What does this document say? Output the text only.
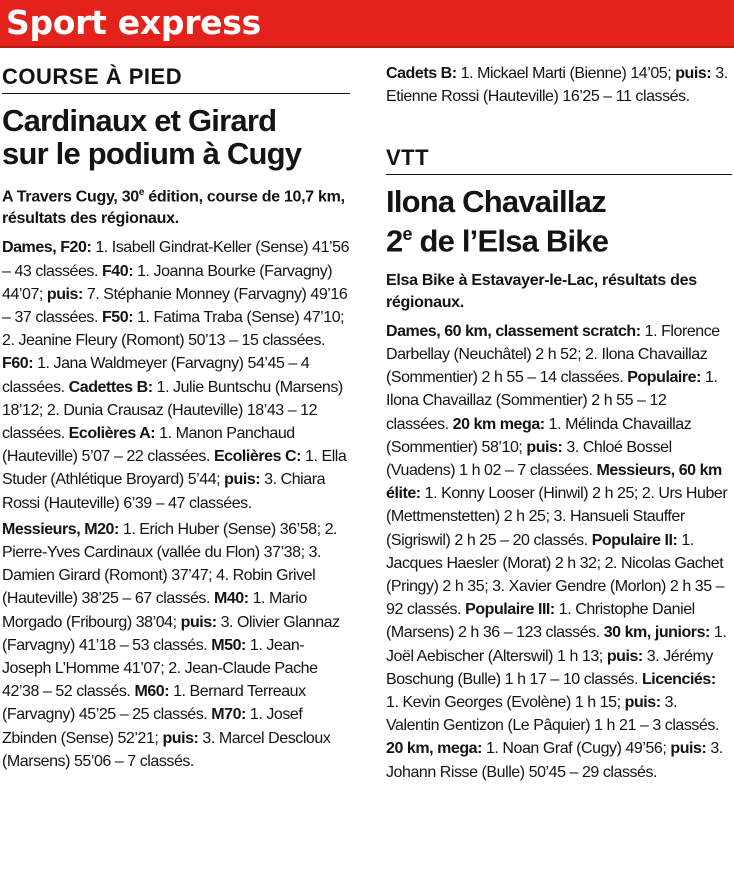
Sport express
COURSE À PIED
Cardinaux et Girard
sur le podium à Cugy

A Travers Cugy, 30e édition, course de 10,7 km, résultats des régionaux.

Dames, F20: 1. Isabell Gindrat-Keller (Sense) 41’56 – 43 classées. F40: 1. Joanna Bourke (Farvagny) 44’07; puis: 7. Stéphanie Monney (Farvagny) 49’16 – 37 classées. F50: 1. Fatima Traba (Sense) 47’10; 2. Jeanine Fleury (Romont) 50’13 – 15 classées. F60: 1. Jana Waldmeyer (Farvagny) 54’45 – 4 classées. Cadettes B: 1. Julie Buntschu (Marsens) 18’12; 2. Dunia Crausaz (Hauteville) 18’43 – 12 classées. Ecolières A: 1. Manon Panchaud (Hauteville) 5’07 – 22 classées. Ecolières C: 1. Ella Studer (Athlétique Broyard) 5’44; puis: 3. Chiara Rossi (Hauteville) 6’39 – 47 classées.

Messieurs, M20: 1. Erich Huber (Sense) 36’58; 2. Pierre-Yves Cardinaux (vallée du Flon) 37’38; 3. Damien Girard (Romont) 37’47; 4. Robin Grivel (Hauteville) 38’25 – 67 classés. M40: 1. Mario Morgado (Fribourg) 38’04; puis: 3. Olivier Glannaz (Farvagny) 41’18 – 53 classés. M50: 1. Jean-Joseph L’Homme 41’07; 2. Jean-Claude Pache 42’38 – 52 classés. M60: 1. Bernard Terreaux (Farvagny) 45’25 – 25 classés. M70: 1. Josef Zbinden (Sense) 52’21; puis: 3. Marcel Descloux (Marsens) 55’06 – 7 classés.

Cadets B: 1. Mickael Marti (Bienne) 14’05; puis: 3. Etienne Rossi (Hauteville) 16’25 – 11 classés.

VTT
Ilona Chavaillaz
2e de l’Elsa Bike

Elsa Bike à Estavayer-le-Lac, résultats des régionaux.

Dames, 60 km, classement scratch: 1. Florence Darbellay (Neuchâtel) 2 h 52; 2. Ilona Chavaillaz (Sommentier) 2 h 55 – 14 classées. Populaire: 1. Ilona Chavaillaz (Sommentier) 2 h 55 – 12 classées. 20 km mega: 1. Mélinda Chavaillaz (Sommentier) 58’10; puis: 3. Chloé Bossel (Vuadens) 1 h 02 – 7 classées. Messieurs, 60 km élite: 1. Konny Looser (Hinwil) 2 h 25; 2. Urs Huber (Mettmenstetten) 2 h 25; 3. Hansueli Stauffer (Sigriswil) 2 h 25 – 20 classés. Populaire II: 1. Jacques Haesler (Morat) 2 h 32; 2. Nicolas Gachet (Pringy) 2 h 35; 3. Xavier Gendre (Morlon) 2 h 35 – 92 classés. Populaire III: 1. Christophe Daniel (Marsens) 2 h 36 – 123 classés. 30 km, juniors: 1. Joël Aebischer (Alterswil) 1 h 13; puis: 3. Jérémy Boschung (Bulle) 1 h 17 – 10 classés. Licenciés: 1. Kevin Georges (Evolène) 1 h 15; puis: 3. Valentin Gentizon (Le Pâquier) 1 h 21 – 3 classés. 20 km, mega: 1. Noan Graf (Cugy) 49’56; puis: 3. Johann Risse (Bulle) 50’45 – 29 classés.
